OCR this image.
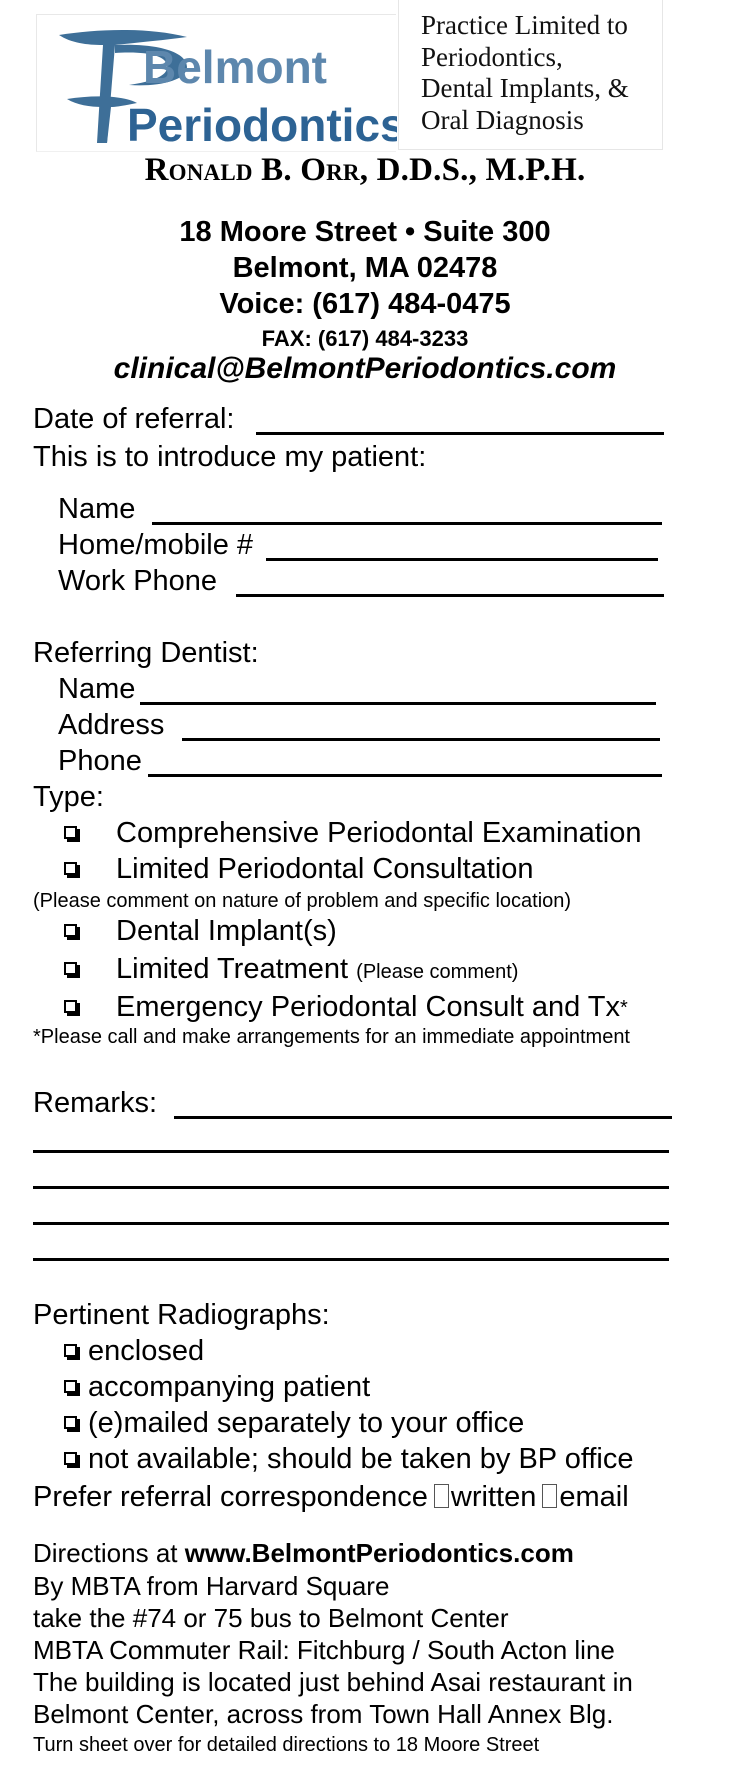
Belmont
Periodontics
Practice Limited to
Periodontics,
Dental Implants, &
Oral Diagnosis
Ronald B. Orr, D.D.S., M.P.H.
18 Moore Street • Suite 300
Belmont, MA 02478
Voice: (617) 484-0475
FAX: (617) 484-3233
clinical@BelmontPeriodontics.com
Date of referral:
This is to introduce my patient:
Name
Home/mobile #
Work Phone
Referring Dentist:
Name
Address
Phone
Type:
Comprehensive Periodontal Examination
Limited Periodontal Consultation
(Please comment on nature of problem and specific location)
Dental Implant(s)
Limited Treatment (Please comment)
Emergency Periodontal Consult and Tx*
*Please call and make arrangements for an immediate appointment
Remarks:
Pertinent Radiographs:
enclosed
accompanying patient
(e)mailed separately to your office
not available; should be taken by BP office
Prefer referral correspondence written email
Directions at www.BelmontPeriodontics.com
By MBTA from Harvard Square
take the #74 or 75 bus to Belmont Center
MBTA Commuter Rail: Fitchburg / South Acton line
The building is located just behind Asai restaurant in
Belmont Center, across from Town Hall Annex Blg.
Turn sheet over for detailed directions to 18 Moore Street
